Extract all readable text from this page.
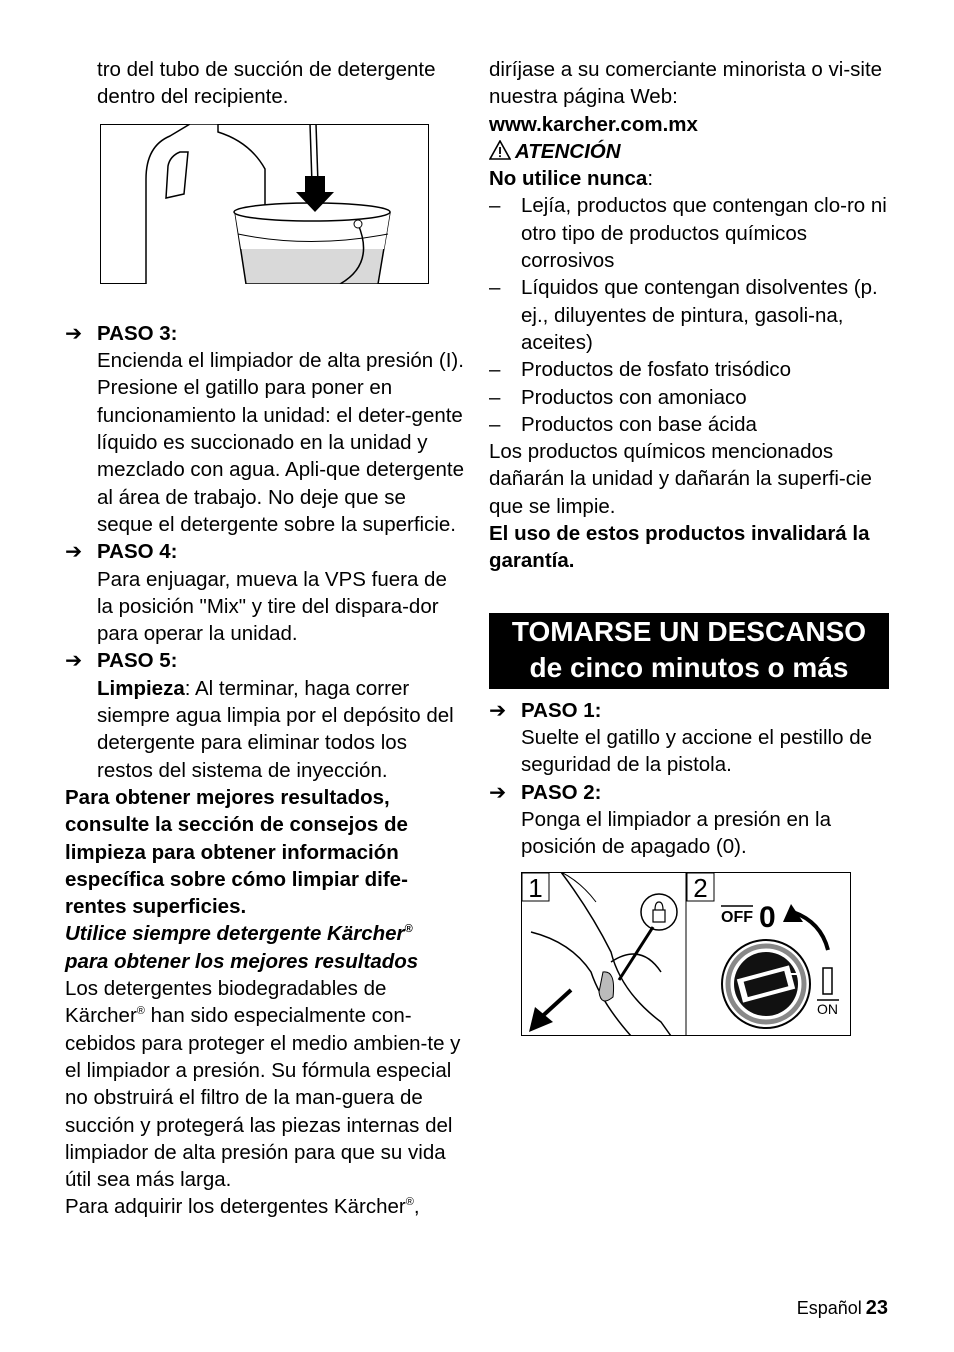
tro del tubo de succión de detergente

dentro del recipiente.

➔ PASO 3:

Encienda el limpiador de alta presión (I). Presione el gatillo para poner en funcionamiento la unidad: el deter-gente líquido es succionado en la unidad y mezclado con agua. Apli-que detergente al área de trabajo. No deje que se seque el detergente sobre la superficie.

➔ PASO 4:

Para enjuagar, mueva la VPS fuera de la posición "Mix" y tire del dispara-dor para operar la unidad.

➔ PASO 5:

Limpieza: Al terminar, haga correr siempre agua limpia por el depósito del detergente para eliminar todos los restos del sistema de inyección.

Para obtener mejores resultados, consulte la sección de consejos de limpieza para obtener información específica sobre cómo limpiar dife-rentes superficies.

Utilice siempre detergente Kärcher®
para obtener los mejores resultados

Los detergentes biodegradables de Kärcher® han sido especialmente con-cebidos para proteger el medio ambien-te y el limpiador a presión. Su fórmula especial no obstruirá el filtro de la man-guera de succión y protegerá las piezas internas del limpiador de alta presión para que su vida útil sea más larga.

Para adquirir los detergentes Kärcher®,

diríjase a su comerciante minorista o vi-site nuestra página Web:

www.karcher.com.mx

ATENCIÓN

No utilice nunca:

– Lejía, productos que contengan clo-ro ni otro tipo de productos químicos corrosivos
– Líquidos que contengan disolventes (p. ej., diluyentes de pintura, gasoli-na, aceites)
– Productos de fosfato trisódico
– Productos con amoniaco
– Productos con base ácida

Los productos químicos mencionados dañarán la unidad y dañarán la superfi-cie que se limpie.

El uso de estos productos invalidará la garantía.

TOMARSE UN DESCANSO
de cinco minutos o más
➔ PASO 1:

Suelte el gatillo y accione el pestillo de seguridad de la pistola.

➔ PASO 2:

Ponga el limpiador a presión en la posición de apagado (0).

1	2
OFF 0
ON
Español 23
